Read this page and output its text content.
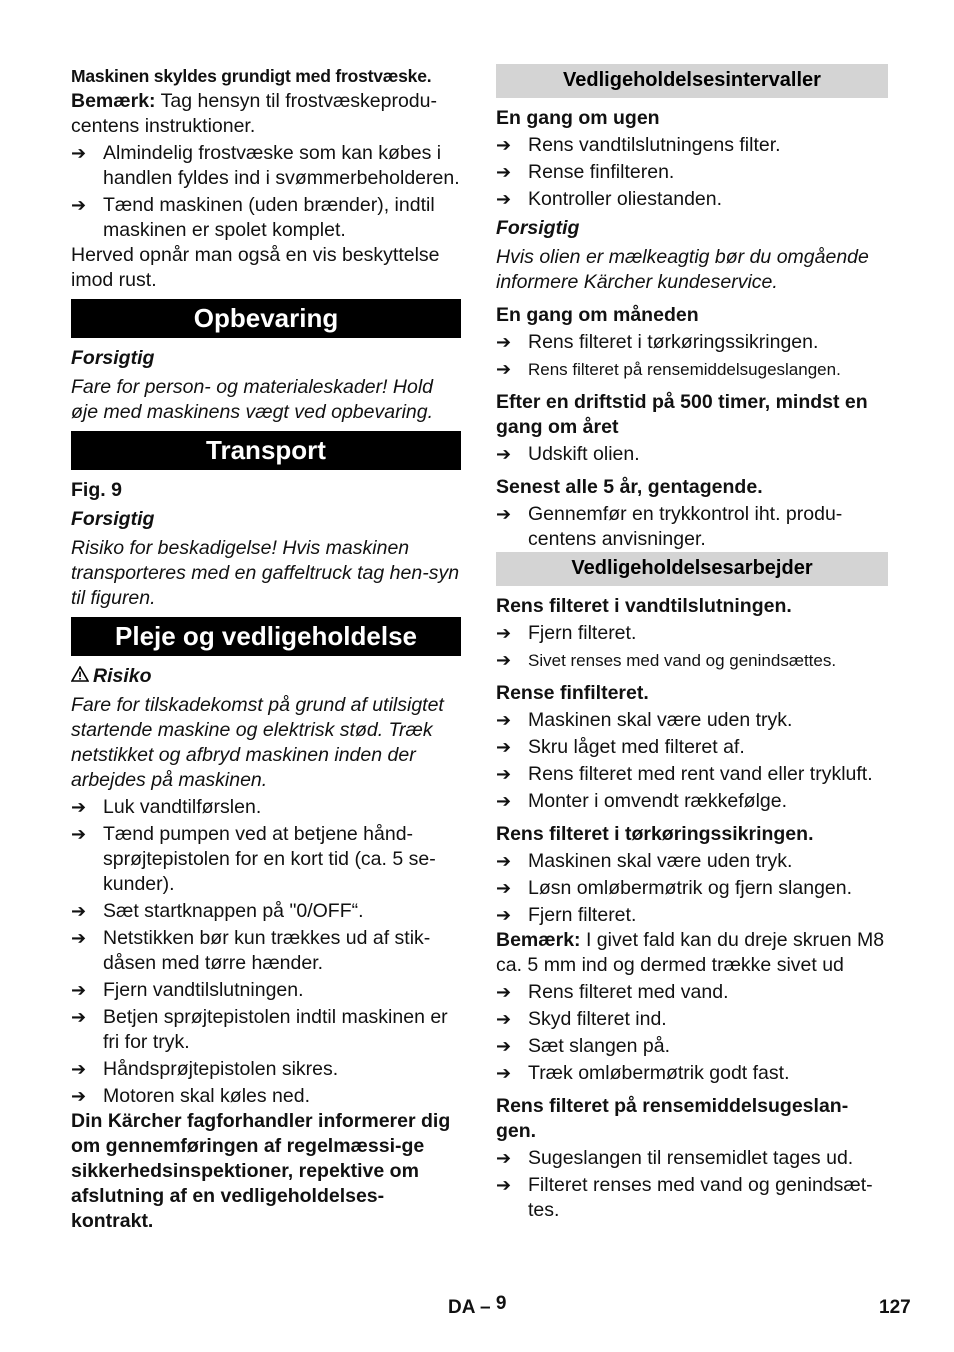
Maskinen skyldes grundigt med frostvæske.

Bemærk: Tag hensyn til frostvæskeprodu-centens instruktioner.

➔ Almindelig frostvæske som kan købes i handlen fyldes ind i svømmerbeholderen.
➔ Tænd maskinen (uden brænder), indtil maskinen er spolet komplet.

Herved opnår man også en vis beskyttelse imod rust.

Opbevaring

Forsigtig

Fare for person- og materialeskader! Hold øje med maskinens vægt ved opbevaring.

Transport

Fig. 9

Forsigtig

Risiko for beskadigelse! Hvis maskinen transporteres med en gaffeltruck tag hen-syn til figuren.

Pleje og vedligeholdelse

Risiko

Fare for tilskadekomst på grund af utilsigtet startende maskine og elektrisk stød. Træk netstikket og afbryd maskinen inden der arbejdes på maskinen.

➔ Luk vandtilførslen.
➔ Tænd pumpen ved at betjene hånd-sprøjtepistolen for en kort tid (ca. 5 se-kunder).
➔ Sæt startknappen på "0/OFF“.
➔ Netstikken bør kun trækkes ud af stik-dåsen med tørre hænder.
➔ Fjern vandtilslutningen.
➔ Betjen sprøjtepistolen indtil maskinen er fri for tryk.
➔ Håndsprøjtepistolen sikres.
➔ Motoren skal køles ned.

Din Kärcher fagforhandler informerer dig om gennemføringen af regelmæssi-ge sikkerhedsinspektioner, repektive om afslutning af en vedligeholdelses-kontrakt.

Vedligeholdelsesintervaller

En gang om ugen

➔ Rens vandtilslutningens filter.
➔ Rense finfilteren.
➔ Kontroller oliestanden.

Forsigtig

Hvis olien er mælkeagtig bør du omgående informere Kärcher kundeservice.

En gang om måneden

➔ Rens filteret i tørkøringssikringen.
➔ Rens filteret på rensemiddelsugeslangen.

Efter en driftstid på 500 timer, mindst en gang om året

➔ Udskift olien.

Senest alle 5 år, gentagende.

➔ Gennemfør en trykkontrol iht. produ-centens anvisninger.
Vedligeholdelsesarbejder

Rens filteret i vandtilslutningen.

➔ Fjern filteret.
➔ Sivet renses med vand og genindsættes.

Rense finfilteret.

➔ Maskinen skal være uden tryk.
➔ Skru låget med filteret af.
➔ Rens filteret med rent vand eller trykluft.
➔ Monter i omvendt rækkefølge.

Rens filteret i tørkøringssikringen.

➔ Maskinen skal være uden tryk.
➔ Løsn omløbermøtrik og fjern slangen.
➔ Fjern filteret.

Bemærk: I givet fald kan du dreje skruen M8 ca. 5 mm ind og dermed trække sivet ud

➔ Rens filteret med vand.
➔ Skyd filteret ind.
➔ Sæt slangen på.
➔ Træk omløbermøtrik godt fast.

Rens filteret på rensemiddelsugeslan-gen.

➔ Sugeslangen til rensemidlet tages ud.
➔ Filteret renses med vand og genindsæt-tes.
DA – 9	127
